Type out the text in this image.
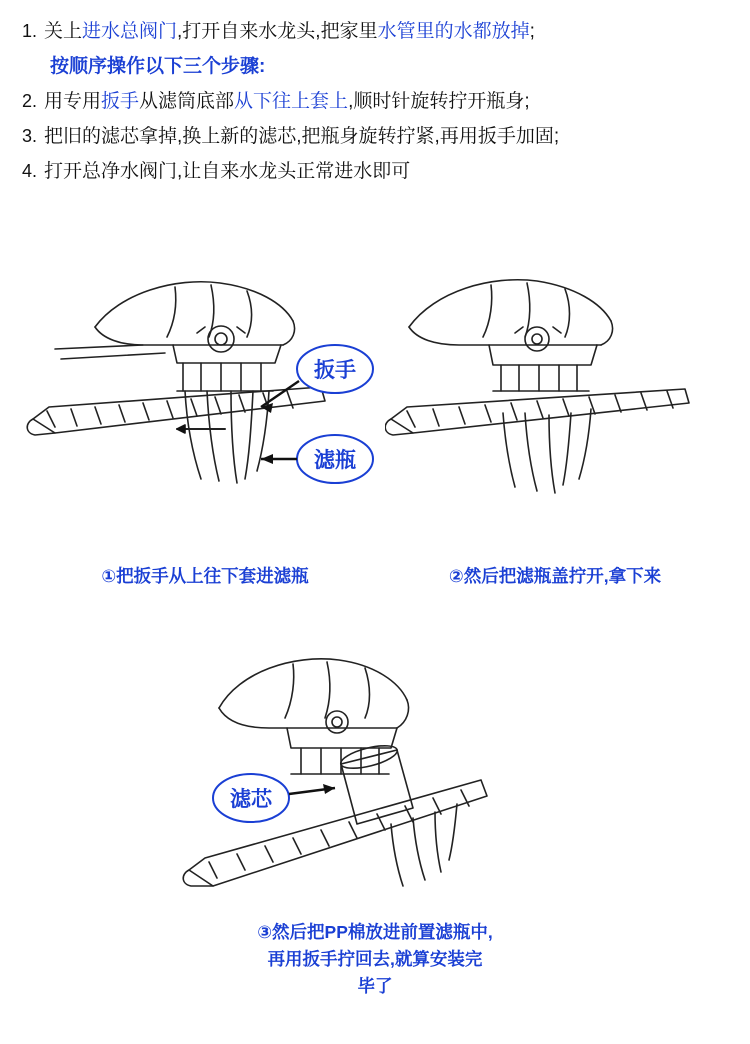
1. 关上进水总阀门,打开自来水龙头,把家里水管里的水都放掉;
按顺序操作以下三个步骤:
2. 用专用扳手从滤筒底部从下往上套上,顺时针旋转拧开瓶身;
3. 把旧的滤芯拿掉,换上新的滤芯,把瓶身旋转拧紧,再用扳手加固;
4. 打开总净水阀门,让自来水龙头正常进水即可
扳手
滤瓶
①把扳手从上往下套进滤瓶	②然后把滤瓶盖拧开,拿下来
滤芯
③然后把PP棉放进前置滤瓶中,
再用扳手拧回去,就算安装完
毕了
